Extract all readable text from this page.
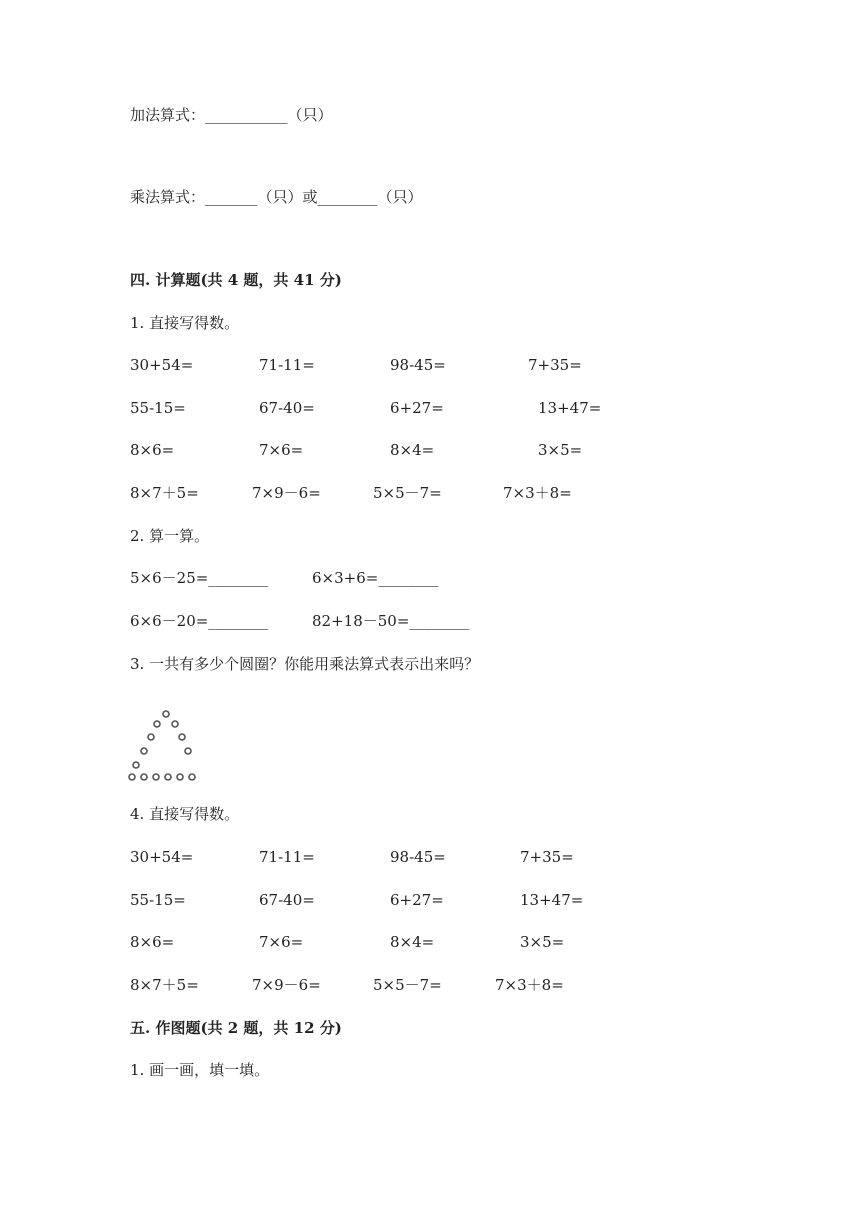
加法算式：___________（只）
乘法算式：_______（只）或________（只）
四. 计算题(共 4 题，共 41 分)
1. 直接写得数。
30+54=	71-11=	98-45=	7+35=
55-15=	67-40=	6+27=	13+47=
8×6=	7×6=	8×4=	3×5=
8×7＋5=	7×9－6=	5×5－7=	7×3＋8=
2. 算一算。
5×6－25=________	6×3+6=________
6×6－20=________	82+18－50=________
3. 一共有多少个圆圈？你能用乘法算式表示出来吗？
4. 直接写得数。
30+54=	71-11=	98-45=	7+35=
55-15=	67-40=	6+27=	13+47=
8×6=	7×6=	8×4=	3×5=
8×7＋5=	7×9－6=	5×5－7=	7×3＋8=
五. 作图题(共 2 题，共 12 分)
1. 画一画，填一填。
